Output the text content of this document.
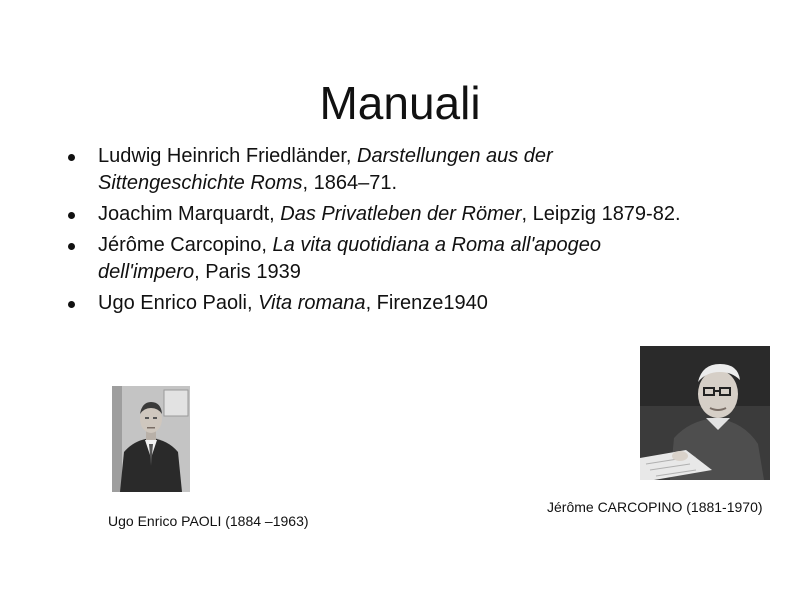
Manuali
Ludwig Heinrich Friedländer, Darstellungen aus der Sittengeschichte Roms, 1864–71.
Joachim Marquardt, Das Privatleben der Römer, Leipzig 1879-82.
Jérôme Carcopino, La vita quotidiana a Roma all'apogeo dell'impero, Paris 1939
Ugo Enrico Paoli, Vita romana, Firenze1940
Jérôme CARCOPINO (1881-1970)
Ugo Enrico PAOLI (1884 –1963)
